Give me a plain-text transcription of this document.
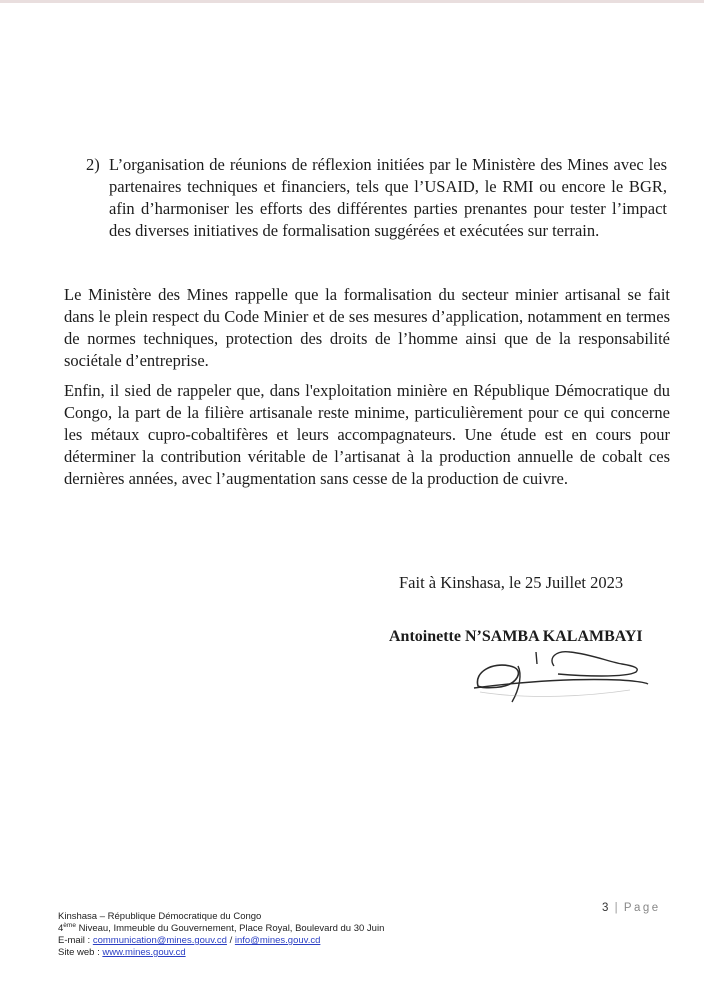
2) L’organisation de réunions de réflexion initiées par le Ministère des Mines avec les partenaires techniques et financiers, tels que l’USAID, le RMI ou encore le BGR, afin d’harmoniser les efforts des différentes parties prenantes pour tester l’impact des diverses initiatives de formalisation suggérées et exécutées sur terrain.

Le Ministère des Mines rappelle que la formalisation du secteur minier artisanal se fait dans le plein respect du Code Minier et de ses mesures d’application, notamment en termes de normes techniques, protection des droits de l’homme ainsi que de la responsabilité sociétale d’entreprise.

Enfin, il sied de rappeler que, dans l'exploitation minière en République Démocratique du Congo, la part de la filière artisanale reste minime, particulièrement pour ce qui concerne les métaux cupro-cobaltifères et leurs accompagnateurs. Une étude est en cours pour déterminer la contribution véritable de l’artisanat à la production annuelle de cobalt ces dernières années, avec l’augmentation sans cesse de la production de cuivre.

Fait à Kinshasa, le 25 Juillet 2023
Antoinette N’SAMBA KALAMBAYI
3 | Page
Kinshasa – République Démocratique du Congo
4ème Niveau, Immeuble du Gouvernement, Place Royal, Boulevard du 30 Juin
E-mail : communication@mines.gouv.cd / info@mines.gouv.cd
Site web : www.mines.gouv.cd
